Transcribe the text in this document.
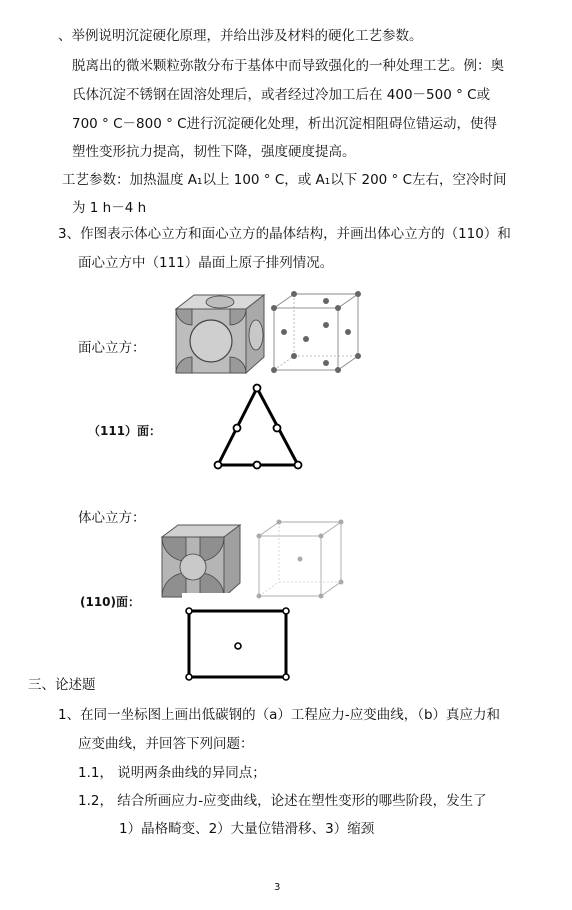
、举例说明沉淀硬化原理，并给出涉及材料的硬化工艺参数。
脱离出的微米颗粒弥散分布于基体中而导致强化的一种处理工艺。例：奥
氏体沉淀不锈钢在固溶处理后，或者经过冷加工后在 400－500 ° C或
700 ° C－800 ° C进行沉淀硬化处理，析出沉淀相阻碍位错运动，使得
塑性变形抗力提高，韧性下降，强度硬度提高。
工艺参数：加热温度 A₁以上 100 ° C，或 A₁以下 200 ° C左右，空冷时间
为 1 h－4 h
3、作图表示体心立方和面心立方的晶体结构，并画出体心立方的（110）和
面心立方中（111）晶面上原子排列情况。
面心立方：
（111）面：
体心立方：
(110)面：
三、论述题
1、在同一坐标图上画出低碳钢的（a）工程应力-应变曲线，（b）真应力和
应变曲线，并回答下列问题：
1.1， 说明两条曲线的异同点；
1.2， 结合所画应力-应变曲线，论述在塑性变形的哪些阶段，发生了
1）晶格畸变、2）大量位错滑移、3）缩颈
3
